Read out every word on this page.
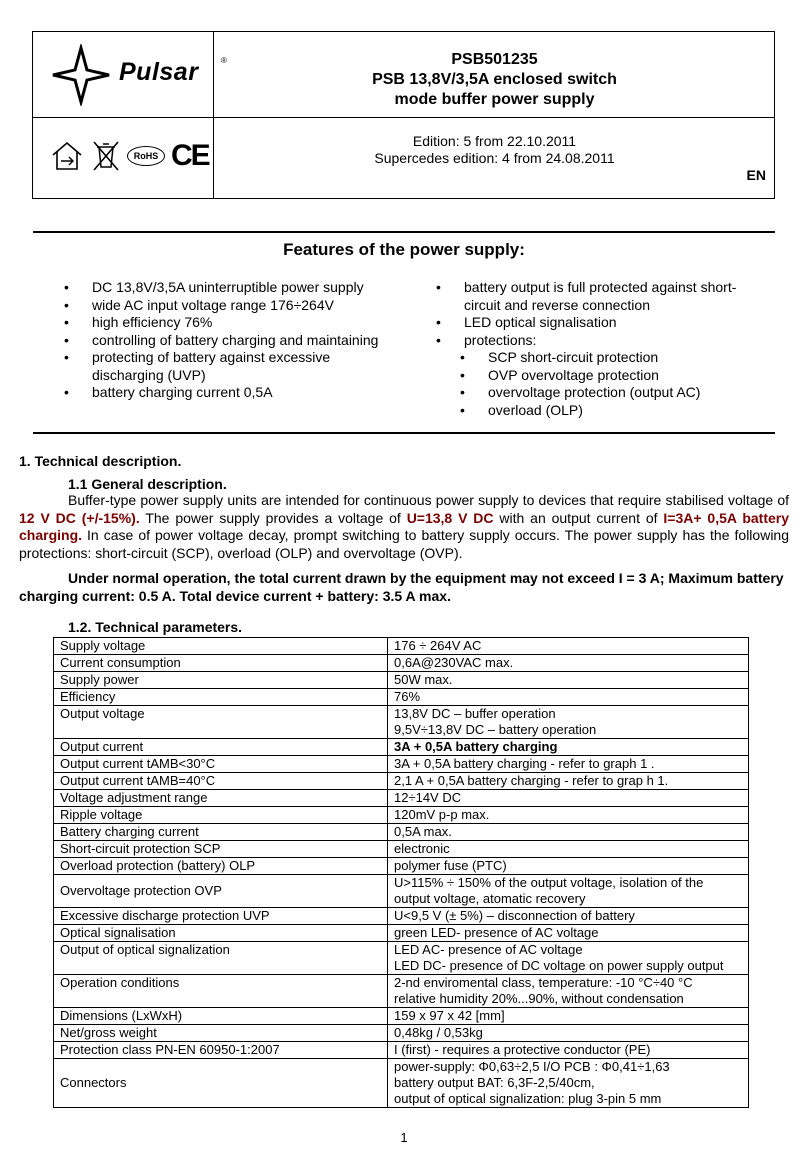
Pulsar	®	PSB501235
PSB 13,8V/3,5A enclosed switch
mode buffer power supply
RoHS CE	Edition: 5 from 22.10.2011
Supercedes edition: 4 from 24.08.2011
EN
Features of the power supply:
• DC 13,8V/3,5A uninterruptible power supply
• wide AC input voltage range 176÷264V
• high efficiency 76%
• controlling of battery charging and maintaining
• protecting of battery against excessive discharging (UVP)
• battery charging current 0,5A
• battery output is full protected against short-circuit and reverse connection
• LED optical signalisation
• protections:
• SCP short-circuit protection
• OVP overvoltage protection
• overvoltage protection (output AC)
• overload (OLP)
1. Technical description.
1.1 General description.
Buffer-type power supply units are intended for continuous power supply to devices that require stabilised voltage of 12 V DC (+/-15%). The power supply provides a voltage of U=13,8 V DC with an output current of I=3A+ 0,5A battery charging. In case of power voltage decay, prompt switching to battery supply occurs. The power supply has the following protections: short-circuit (SCP), overload (OLP) and overvoltage (OVP).
Under normal operation, the total current drawn by the equipment may not exceed I = 3 A; Maximum battery charging current: 0.5 A. Total device current + battery: 3.5 A max.
1.2. Technical parameters.
Supply voltage	176 ÷ 264V AC
Current consumption	0,6A@230VAC max.
Supply power	50W max.
Efficiency	76%
Output voltage	13,8V DC – buffer operation
9,5V÷13,8V DC – battery operation
Output current	3A + 0,5A battery charging
Output current tAMB<30°C	3A + 0,5A battery charging - refer to graph 1 .
Output current tAMB=40°C	2,1 A + 0,5A battery charging - refer to grap h 1.
Voltage adjustment range	12÷14V DC
Ripple voltage	120mV p-p max.
Battery charging current	0,5A max.
Short-circuit protection SCP	electronic
Overload protection (battery) OLP	polymer fuse (PTC)
Overvoltage protection OVP	U>115% ÷ 150% of the output voltage, isolation of the
output voltage, atomatic recovery
Excessive discharge protection UVP	U<9,5 V (± 5%) – disconnection of battery
Optical signalisation	green LED- presence of AC voltage
Output of optical signalization	LED AC- presence of AC voltage
LED DC- presence of DC voltage on power supply output
Operation conditions	2-nd enviromental class, temperature: -10 °C÷40 °C
relative humidity 20%...90%, without condensation
Dimensions (LxWxH)	159 x 97 x 42 [mm]
Net/gross weight	0,48kg / 0,53kg
Protection class PN-EN 60950-1:2007	I (first) - requires a protective conductor (PE)
Connectors	power-supply: Φ0,63÷2,5 I/O PCB : Φ0,41÷1,63
battery output BAT: 6,3F-2,5/40cm,
output of optical signalization: plug 3-pin 5 mm
1
